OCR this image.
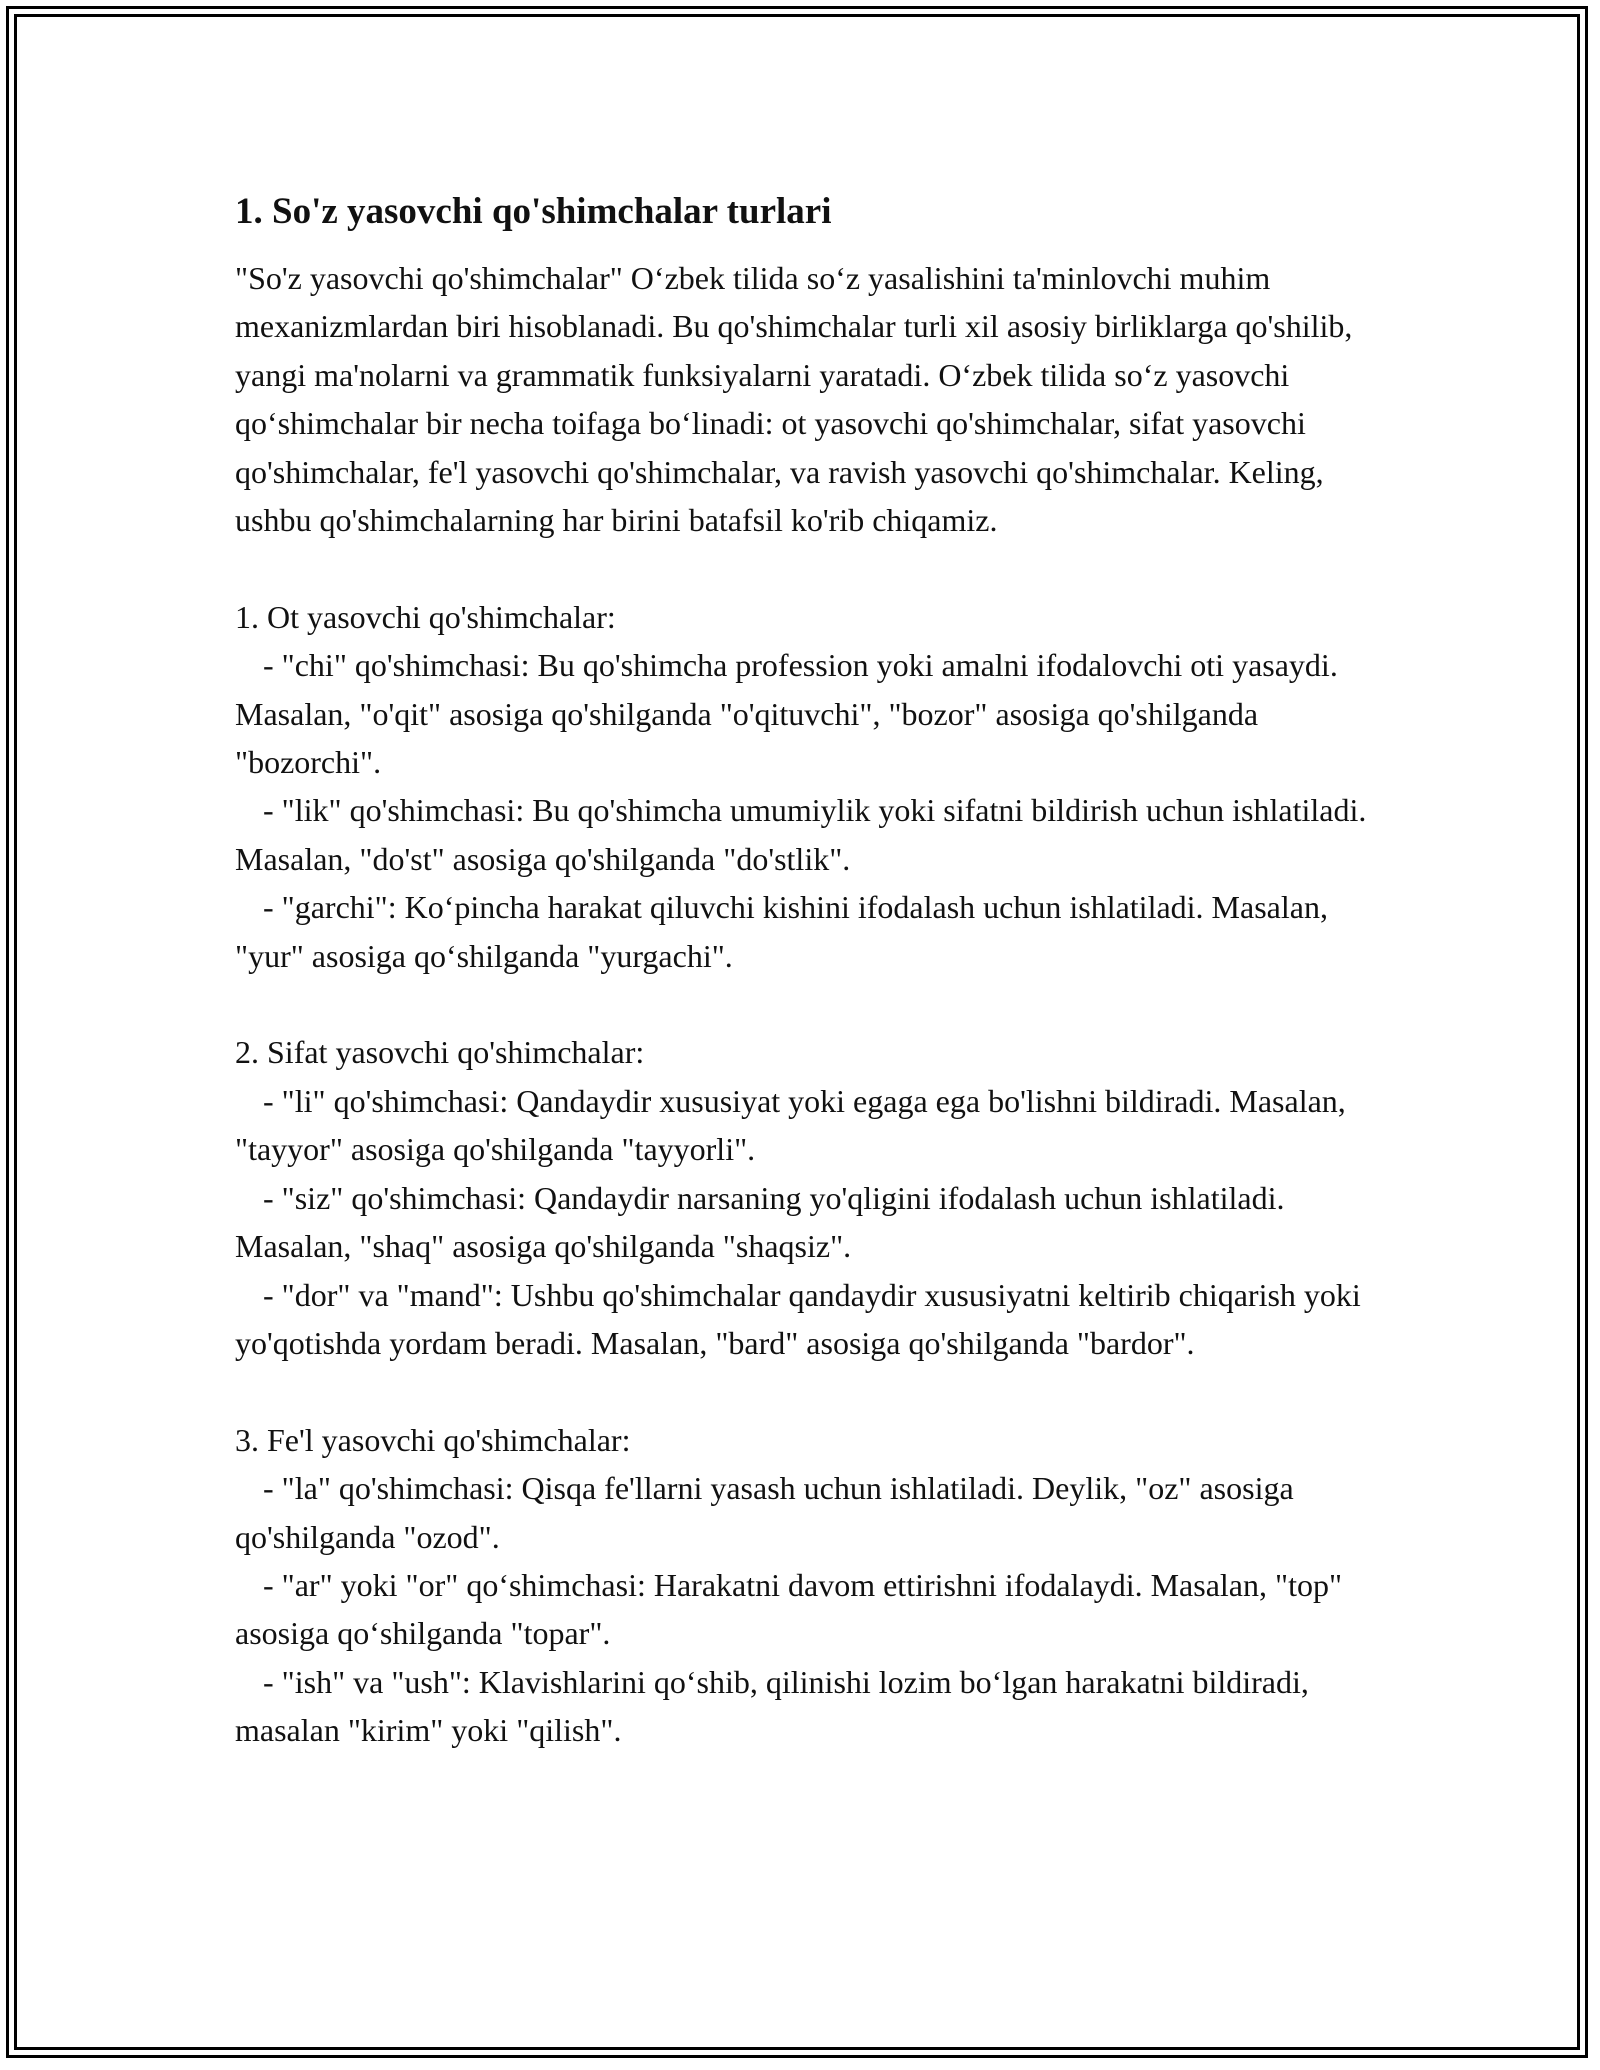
1. So'z yasovchi qo'shimchalar turlari

"So'z yasovchi qo'shimchalar" O‘zbek tilida so‘z yasalishini ta'minlovchi muhim mexanizmlardan biri hisoblanadi. Bu qo'shimchalar turli xil asosiy birliklarga qo'shilib, yangi ma'nolarni va grammatik funksiyalarni yaratadi. O‘zbek tilida so‘z yasovchi qo‘shimchalar bir necha toifaga bo‘linadi: ot yasovchi qo'shimchalar, sifat yasovchi qo'shimchalar, fe'l yasovchi qo'shimchalar, va ravish yasovchi qo'shimchalar. Keling, ushbu qo'shimchalarning har birini batafsil ko'rib chiqamiz.

1. Ot yasovchi qo'shimchalar:

- "chi" qo'shimchasi: Bu qo'shimcha profession yoki amalni ifodalovchi oti yasaydi. Masalan, "o'qit" asosiga qo'shilganda "o'qituvchi", "bozor" asosiga qo'shilganda "bozorchi".

- "lik" qo'shimchasi: Bu qo'shimcha umumiylik yoki sifatni bildirish uchun ishlatiladi. Masalan, "do'st" asosiga qo'shilganda "do'stlik".

- "garchi": Ko‘pincha harakat qiluvchi kishini ifodalash uchun ishlatiladi. Masalan, "yur" asosiga qo‘shilganda "yurgachi".

2. Sifat yasovchi qo'shimchalar:

- "li" qo'shimchasi: Qandaydir xususiyat yoki egaga ega bo'lishni bildiradi. Masalan, "tayyor" asosiga qo'shilganda "tayyorli".

- "siz" qo'shimchasi: Qandaydir narsaning yo'qligini ifodalash uchun ishlatiladi. Masalan, "shaq" asosiga qo'shilganda "shaqsiz".

- "dor" va "mand": Ushbu qo'shimchalar qandaydir xususiyatni keltirib chiqarish yoki yo'qotishda yordam beradi. Masalan, "bard" asosiga qo'shilganda "bardor".

3. Fe'l yasovchi qo'shimchalar:

- "la" qo'shimchasi: Qisqa fe'llarni yasash uchun ishlatiladi. Deylik, "oz" asosiga qo'shilganda "ozod".

- "ar" yoki "or" qo‘shimchasi: Harakatni davom ettirishni ifodalaydi. Masalan, "top" asosiga qo‘shilganda "topar".

- "ish" va "ush": Klavishlarini qo‘shib, qilinishi lozim bo‘lgan harakatni bildiradi, masalan "kirim" yoki "qilish".
